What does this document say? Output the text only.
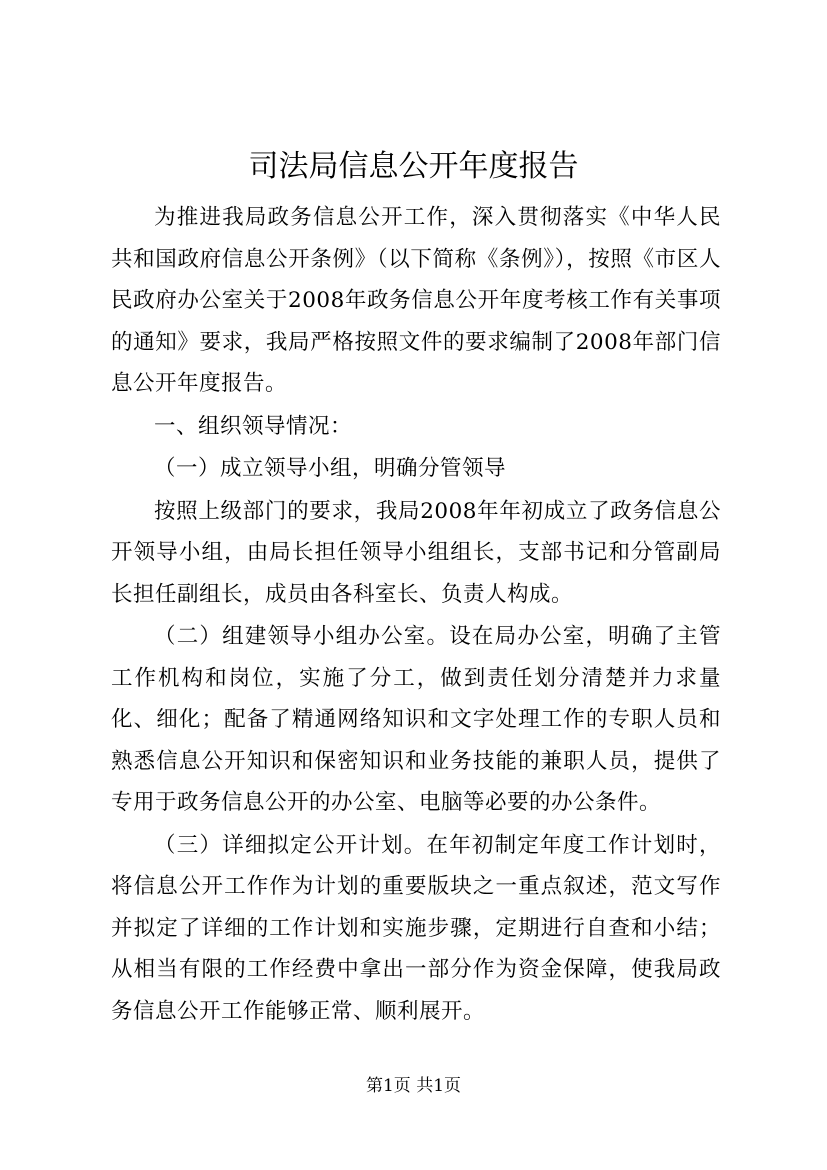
司法局信息公开年度报告

为推进我局政务信息公开工作，深入贯彻落实《中华人民共和国政府信息公开条例》（以下简称《条例》），按照《市区人民政府办公室关于2008年政务信息公开年度考核工作有关事项的通知》要求，我局严格按照文件的要求编制了2008年部门信息公开年度报告。

一、组织领导情况：

（一）成立领导小组，明确分管领导

按照上级部门的要求，我局2008年年初成立了政务信息公开领导小组，由局长担任领导小组组长，支部书记和分管副局长担任副组长，成员由各科室长、负责人构成。

（二）组建领导小组办公室。设在局办公室，明确了主管工作机构和岗位，实施了分工，做到责任划分清楚并力求量化、细化；配备了精通网络知识和文字处理工作的专职人员和熟悉信息公开知识和保密知识和业务技能的兼职人员，提供了专用于政务信息公开的办公室、电脑等必要的办公条件。

（三）详细拟定公开计划。在年初制定年度工作计划时，将信息公开工作作为计划的重要版块之一重点叙述，范文写作并拟定了详细的工作计划和实施步骤，定期进行自查和小结；从相当有限的工作经费中拿出一部分作为资金保障，使我局政务信息公开工作能够正常、顺利展开。

第1页 共1页
